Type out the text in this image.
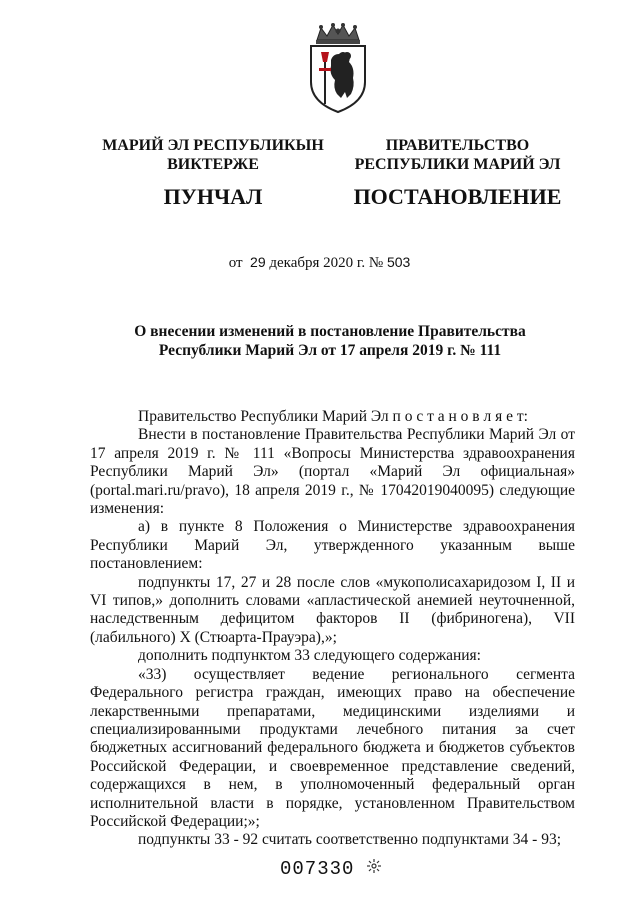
МАРИЙ ЭЛ РЕСПУБЛИКЫН
ВИКТЕРЖЕ
ПУНЧАЛ
ПРАВИТЕЛЬСТВО
РЕСПУБЛИКИ МАРИЙ ЭЛ
ПОСТАНОВЛЕНИЕ
от 29 декабря 2020 г. № 503
О внесении изменений в постановление Правительства
Республики Марий Эл от 17 апреля 2019 г. № 111

Правительство Республики Марий Эл п о с т а н о в л я е т:

Внести в постановление Правительства Республики Марий Эл от 17 апреля 2019 г. № 111 «Вопросы Министерства здравоохранения Республики Марий Эл» (портал «Марий Эл официальная» (portal.mari.ru/pravo), 18 апреля 2019 г., № 17042019040095) следующие изменения:

а) в пункте 8 Положения о Министерстве здравоохранения Республики Марий Эл, утвержденного указанным выше постановлением:

подпункты 17, 27 и 28 после слов «мукополисахаридозом I, II и VI типов,» дополнить словами «апластической анемией неуточненной, наследственным дефицитом факторов II (фибриногена), VII (лабильного) X (Стюарта-Прауэра),»;

дополнить подпунктом 33 следующего содержания:

«33) осуществляет ведение регионального сегмента Федерального регистра граждан, имеющих право на обеспечение лекарственными препаратами, медицинскими изделиями и специализированными продуктами лечебного питания за счет бюджетных ассигнований федерального бюджета и бюджетов субъектов Российской Федерации, и своевременное представление сведений, содержащихся в нем, в уполномоченный федеральный орган исполнительной власти в порядке, установленном Правительством Российской Федерации;»;

подпункты 33 - 92 считать соответственно подпунктами 34 - 93;

007330
